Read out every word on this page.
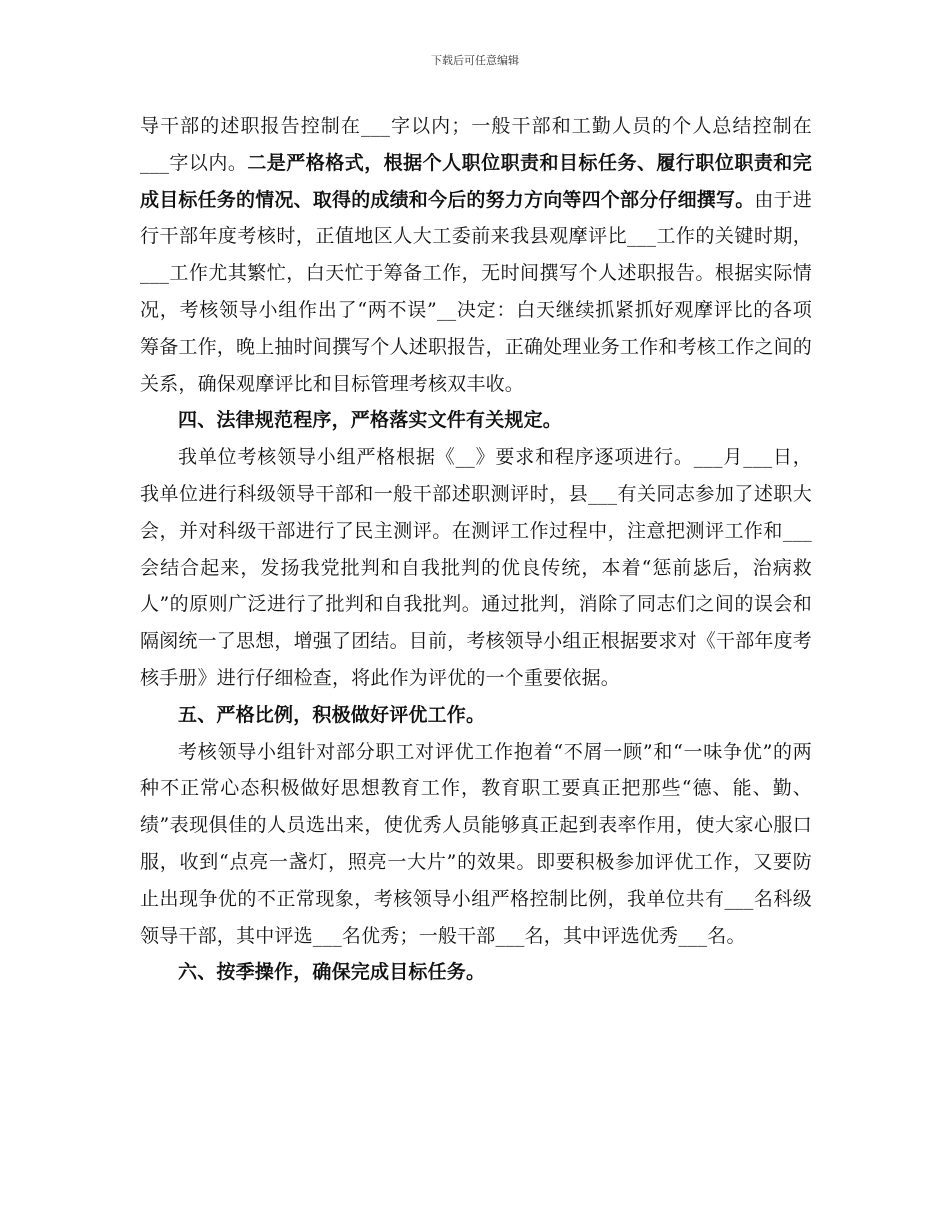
下载后可任意编辑

导干部的述职报告控制在___字以内；一般干部和工勤人员的个人总结控制在___字以内。二是严格格式，根据个人职位职责和目标任务、履行职位职责和完成目标任务的情况、取得的成绩和今后的努力方向等四个部分仔细撰写。由于进行干部年度考核时，正值地区人大工委前来我县观摩评比___工作的关键时期，___工作尤其繁忙，白天忙于筹备工作，无时间撰写个人述职报告。根据实际情况，考核领导小组作出了“两不误”__决定：白天继续抓紧抓好观摩评比的各项筹备工作，晚上抽时间撰写个人述职报告，正确处理业务工作和考核工作之间的关系，确保观摩评比和目标管理考核双丰收。

四、法律规范程序，严格落实文件有关规定。

我单位考核领导小组严格根据《__》要求和程序逐项进行。___月___日，我单位进行科级领导干部和一般干部述职测评时，县___有关同志参加了述职大会，并对科级干部进行了民主测评。在测评工作过程中，注意把测评工作和___会结合起来，发扬我党批判和自我批判的优良传统，本着“惩前毖后，治病救人”的原则广泛进行了批判和自我批判。通过批判，消除了同志们之间的误会和隔阂统一了思想，增强了团结。目前，考核领导小组正根据要求对《干部年度考核手册》进行仔细检查，将此作为评优的一个重要依据。

五、严格比例，积极做好评优工作。

考核领导小组针对部分职工对评优工作抱着“不屑一顾”和“一味争优”的两种不正常心态积极做好思想教育工作，教育职工要真正把那些“德、能、勤、绩”表现俱佳的人员选出来，使优秀人员能够真正起到表率作用，使大家心服口服，收到“点亮一盏灯，照亮一大片”的效果。即要积极参加评优工作，又要防止出现争优的不正常现象，考核领导小组严格控制比例，我单位共有___名科级领导干部，其中评选___名优秀；一般干部___名，其中评选优秀___名。

六、按季操作，确保完成目标任务。
